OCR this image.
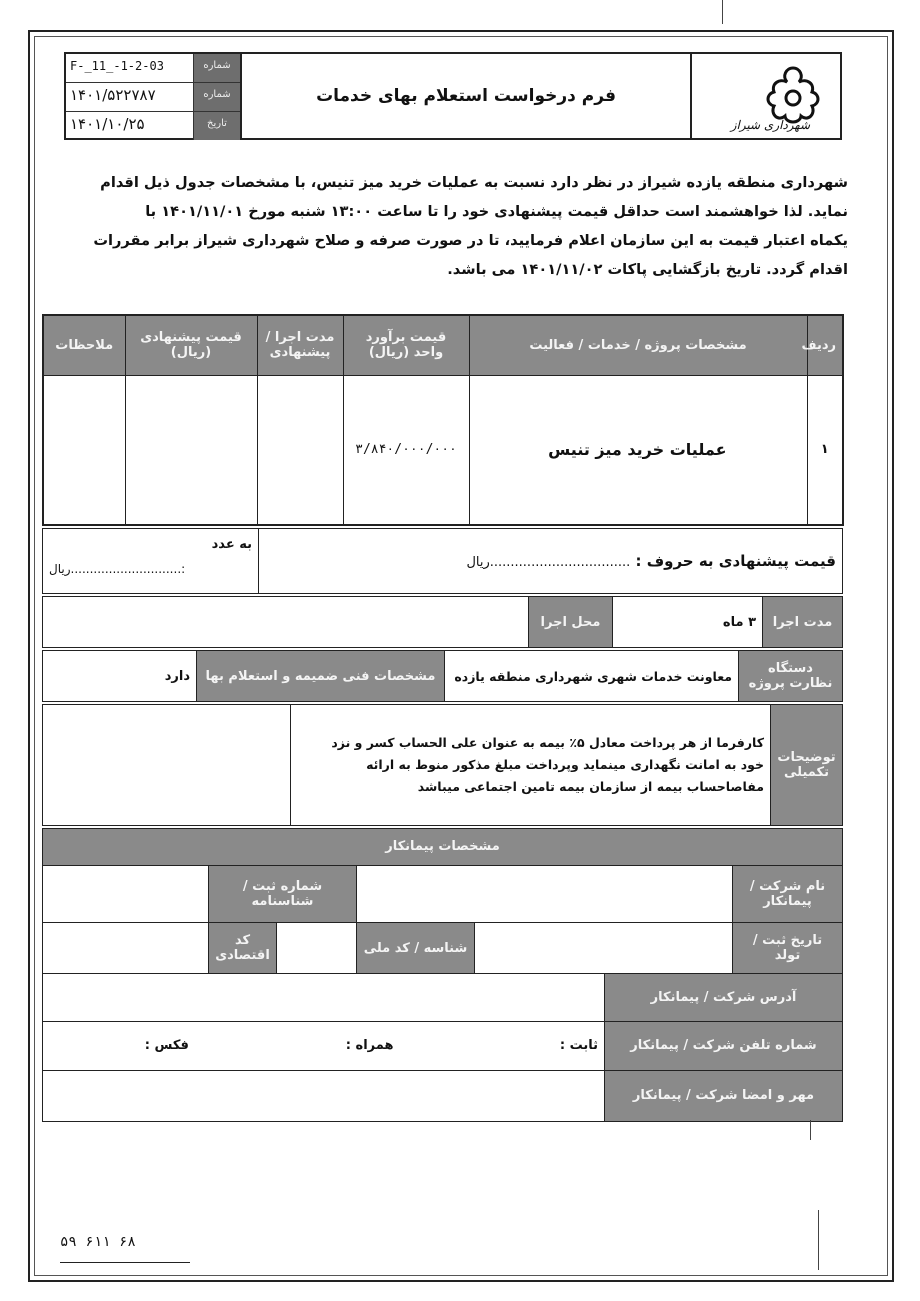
F-_11_-1-2-03	شماره
۱۴۰۱/۵۲۲۷۸۷	شماره
۱۴۰۱/۱۰/۲۵	تاریخ
فرم درخواست استعلام بهای خدمات
شهرداری شیراز
شهرداری منطقه یازده شیراز در نظر دارد نسبت به عملیات خرید میز تنیس، با مشخصات جدول ذیل اقدام
نماید. لذا خواهشمند است حداقل قیمت پیشنهادی خود را تا ساعت ۱۳:۰۰ شنبه مورخ ۱۴۰۱/۱۱/۰۱ با
یکماه اعتبار قیمت به این سازمان اعلام فرمایید، تا در صورت صرفه و صلاح شهرداری شیراز برابر مقررات
اقدام گردد. تاریخ بازگشایی پاکات ۱۴۰۱/۱۱/۰۲ می باشد.
ردیف	مشخصات پروژه / خدمات / فعالیت	قیمت برآورد واحد (ریال)	مدت اجرا / پیشنهادی	قیمت پیشنهادی (ریال)	ملاحظات
۱	عملیات خرید میز تنیس	۳/۸۴۰/۰۰۰/۰۰۰			
قیمت پیشنهادی به حروف : ..................................ریال	
به عدد
:.............................ریال
مدت اجرا	۳ ماه	محل اجرا	
دستگاه نظارت پروژه	معاونت خدمات شهری شهرداری منطقه یازده	مشخصات فنی ضمیمه و استعلام بها	دارد
توضیحات تکمیلی	
کارفرما از هر پرداخت معادل ۵٪ بیمه به عنوان علی الحساب کسر و نزد
خود به امانت نگهداری مینماید وپرداخت مبلغ مذکور منوط به ارائه
مفاصاحساب بیمه از سازمان بیمه تامین اجتماعی میباشد

مشخصات پیمانکار						
نام شرکت / پیمانکار				شماره ثبت / شناسنامه		
تاریخ ثبت / تولد			شناسه / کد ملی		کد اقتصادی	
آدرس شرکت / پیمانکار						
شماره تلفن شرکت / پیمانکار		ثابت : همراه : فکس :				
مهر و امضا شرکت / پیمانکار						
۵۹ ۶۱۱ ۶۸
